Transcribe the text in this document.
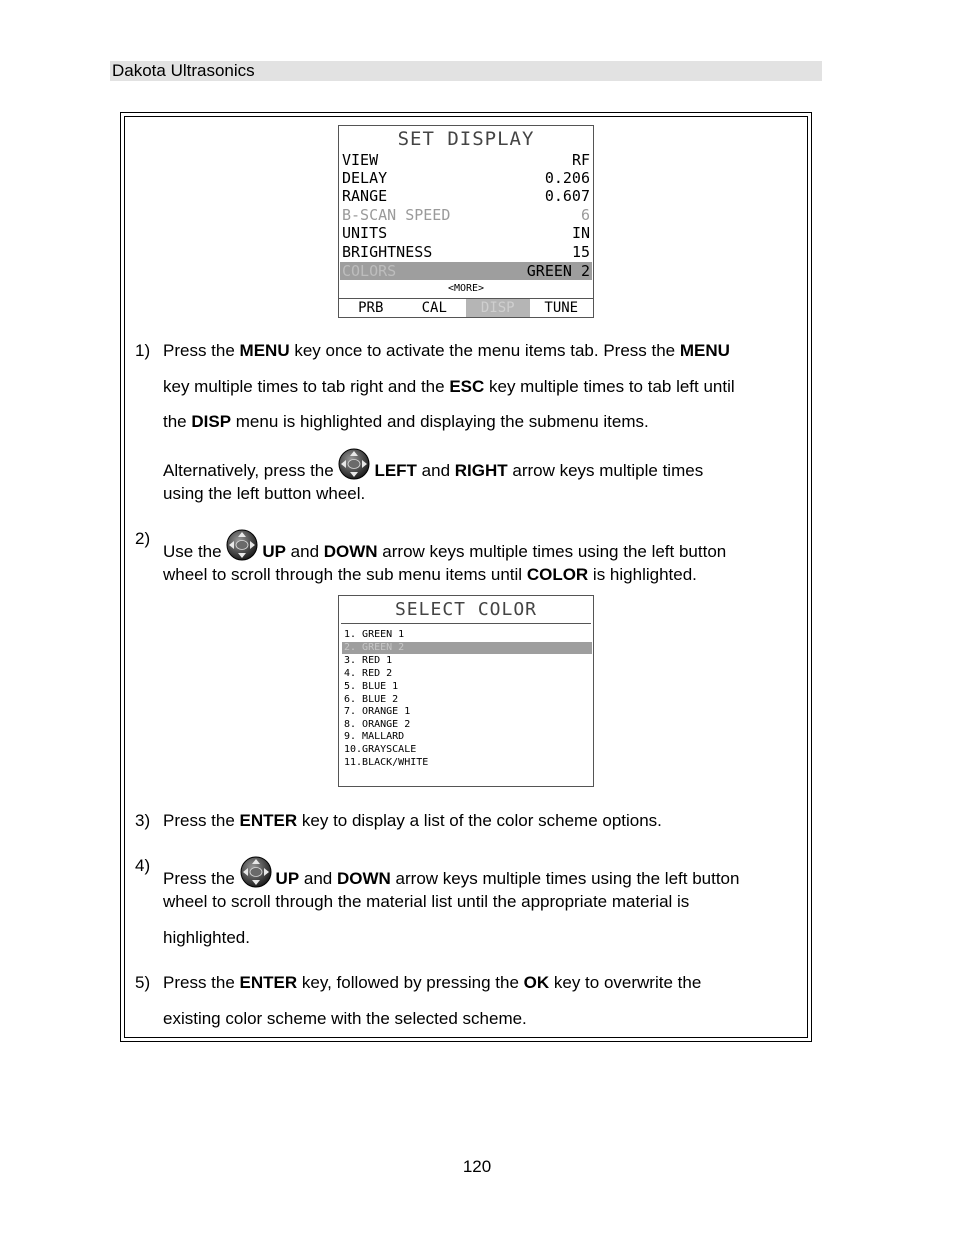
Dakota Ultrasonics
SET DISPLAY
VIEW	RF
DELAY	0.206
RANGE	0.607
B-SCAN SPEED	6
UNITS	IN
BRIGHTNESS	15
COLORS	GREEN 2
<MORE>
PRB	CAL	DISP	TUNE
1) Press the MENU key once to activate the menu items tab. Press the MENU
key multiple times to tab right and the ESC key multiple times to tab left until
the DISP menu is highlighted and displaying the submenu items.
Alternatively, press the LEFT and RIGHT arrow keys multiple times
using the left button wheel.
2)
Use the UP and DOWN arrow keys multiple times using the left button
wheel to scroll through the sub menu items until COLOR is highlighted.
SELECT COLOR
1. GREEN 1
2. GREEN 2
3. RED 1
4. RED 2
5. BLUE 1
6. BLUE 2
7. ORANGE 1
8. ORANGE 2
9. MALLARD
10.GRAYSCALE
11.BLACK/WHITE
3) Press the ENTER key to display a list of the color scheme options.
4)
Press the UP and DOWN arrow keys multiple times using the left button
wheel to scroll through the material list until the appropriate material is
highlighted.
5) Press the ENTER key, followed by pressing the OK key to overwrite the
existing color scheme with the selected scheme.
120
